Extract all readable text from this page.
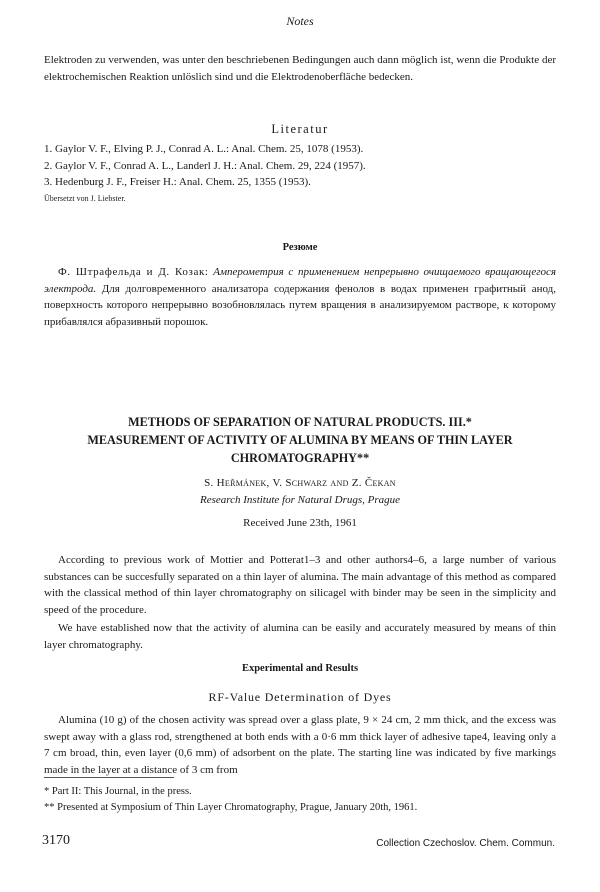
Notes

Elektroden zu verwenden, was unter den beschriebenen Bedingungen auch dann möglich ist, wenn die Produkte der elektrochemischen Reaktion unlöslich sind und die Elektrodenoberfläche bedecken.

Literatur

1. Gaylor V. F., Elving P. J., Conrad A. L.: Anal. Chem. 25, 1078 (1953).

2. Gaylor V. F., Conrad A. L., Landerl J. H.: Anal. Chem. 29, 224 (1957).

3. Hedenburg J. F., Freiser H.: Anal. Chem. 25, 1355 (1953).

Übersetzt von J. Liebster.

Резюме

Ф. Штрафельда и Д. Козак: Амперометрия с применением непрерывно очищаемого вращающегося электрода. Для долговременного анализатора содержания фенолов в водах применен графитный анод, поверхность которого непрерывно возобновлялась путем вращения в анализируемом растворе, к которому прибавлялся абразивный порошок.

METHODS OF SEPARATION OF NATURAL PRODUCTS. III.*

MEASUREMENT OF ACTIVITY OF ALUMINA BY MEANS OF THIN LAYER

CHROMATOGRAPHY**

S. Heřmánek, V. Schwarz and Z. Čekan

Research Institute for Natural Drugs, Prague

Received June 23th, 1961

According to previous work of Mottier and Potterat1–3 and other authors4–6, a large number of various substances can be succesfully separated on a thin layer of alumina. The main advantage of this method as compared with the classical method of thin layer chromatography on silicagel with binder may be seen in the simplicity and speed of the procedure.

We have established now that the activity of alumina can be easily and accurately measured by means of thin layer chromatography.

Experimental and Results

RF-Value Determination of Dyes

Alumina (10 g) of the chosen activity was spread over a glass plate, 9 × 24 cm, 2 mm thick, and the excess was swept away with a glass rod, strengthened at both ends with a 0·6 mm thick layer of adhesive tape4, leaving only a 7 cm broad, thin, even layer (0,6 mm) of adsorbent on the plate. The starting line was indicated by five markings made in the layer at a distance of 3 cm from

* Part II: This Journal, in the press.

** Presented at Symposium of Thin Layer Chromatography, Prague, January 20th, 1961.

3170	Collection Czechoslov. Chem. Commun.
